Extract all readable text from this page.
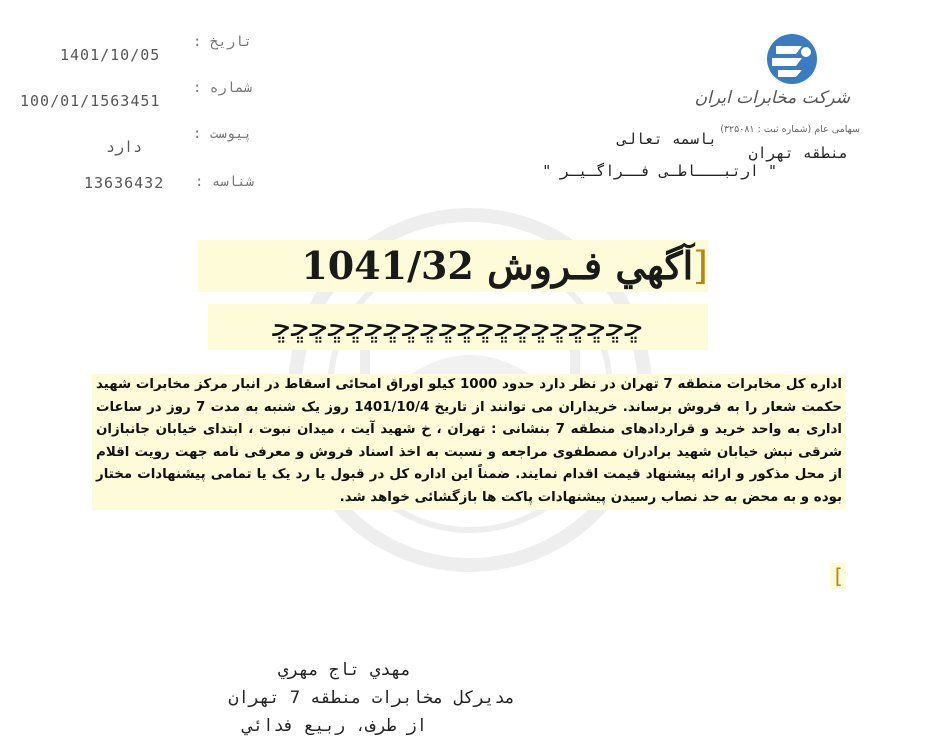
تاریخ :
1401/10/05
شماره :
100/01/1563451
پیوست :
دارد
شناسه :
13636432
شرکت مخابرات ایران
سهامی عام (شماره ثبت : ۳۲۵۰۸۱)
منطقه تهران
باسمه تعالی
" ارتبـــاطـی فــراگـیـر "
[آگهي فـروش 1041/32
ﮀﮀﮀﮀﮀﮀﮀﮀﮀﮀﮀﮀﮀﮀﮀﮀﮀﮀﮀﮀ
اداره کل مخابرات منطقه 7 تهران در نظر دارد حدود 1000 کیلو اوراق امحائی اسقاط در انبار مرکز مخابرات شهید حکمت شعار را به فروش برساند. خریداران می توانند از تاریخ 1401/10/4 روز یک شنبه به مدت 7 روز در ساعات اداری به واحد خرید و قراردادهای منطقه 7 بنشانی : تهران ، خ شهید آیت ، میدان نبوت ، ابتدای خیابان جانبازان شرقی نبش خیابان شهید برادران مصطفوی مراجعه و نسبت به اخذ اسناد فروش و معرفی نامه جهت رویت اقلام از محل مذکور و ارائه پیشنهاد قیمت اقدام نمایند. ضمناً این اداره کل در قبول یا رد یک یا تمامی پیشنهادات مختار بوده و به محض به حد نصاب رسیدن پیشنهادات پاکت ها بازگشائی خواهد شد.
[
مهدي تاج مهري
مديركل مخابرات منطقه 7 تهران
از طرف، ربيع فدائي
